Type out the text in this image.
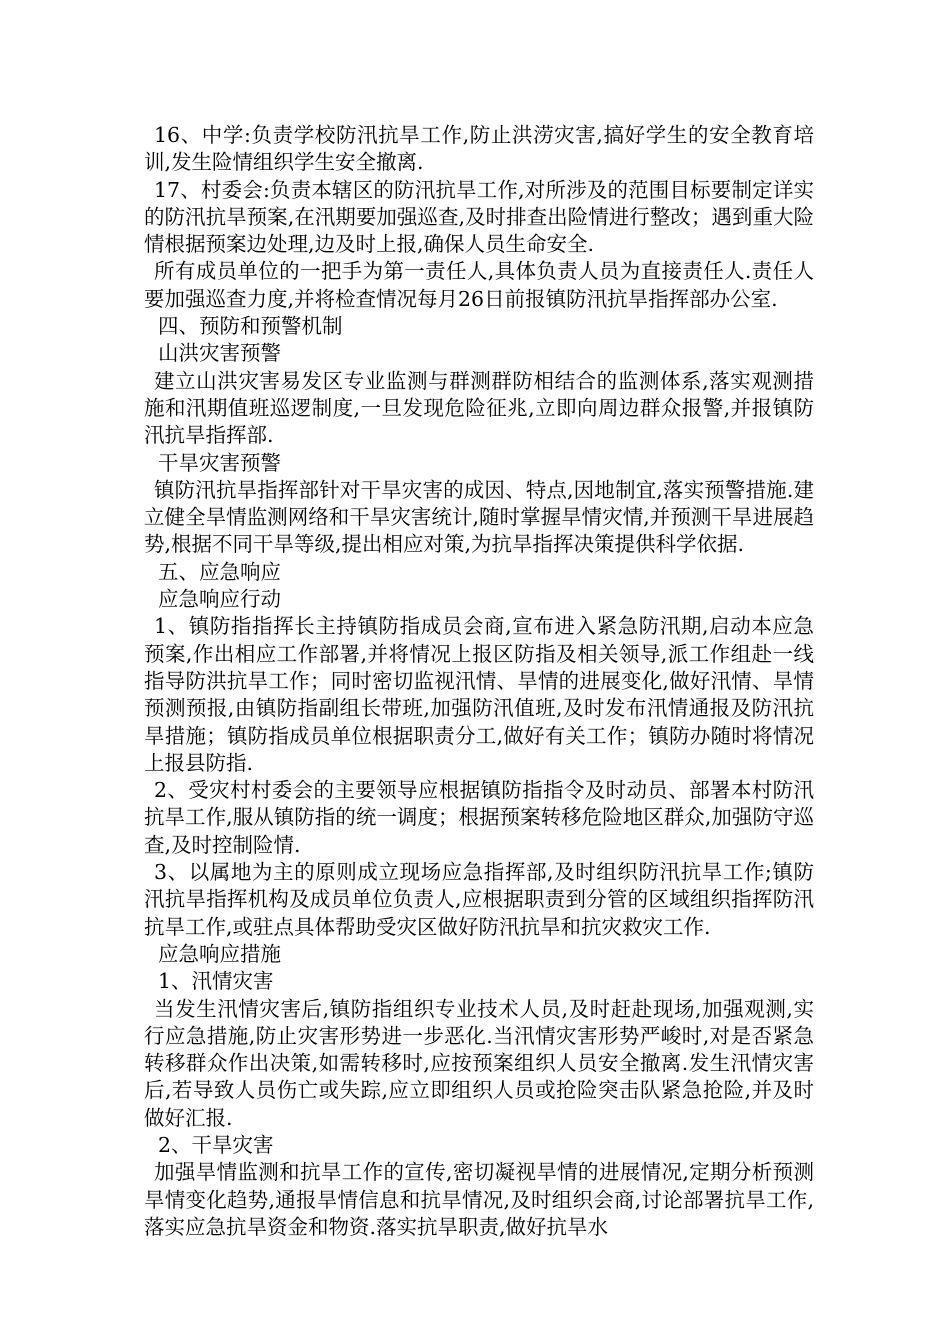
16、中学:负责学校防汛抗旱工作,防止洪涝灾害,搞好学生的安全教育培训,发生险情组织学生安全撤离.

17、村委会:负责本辖区的防汛抗旱工作,对所涉及的范围目标要制定详实的防汛抗旱预案,在汛期要加强巡查,及时排查出险情进行整改；遇到重大险情根据预案边处理,边及时上报,确保人员生命安全.

所有成员单位的一把手为第一责任人,具体负责人员为直接责任人.责任人要加强巡查力度,并将检查情况每月26日前报镇防汛抗旱指挥部办公室.

四、预防和预警机制

山洪灾害预警

建立山洪灾害易发区专业监测与群测群防相结合的监测体系,落实观测措施和汛期值班巡逻制度,一旦发现危险征兆,立即向周边群众报警,并报镇防汛抗旱指挥部.

干旱灾害预警

镇防汛抗旱指挥部针对干旱灾害的成因、特点,因地制宜,落实预警措施.建立健全旱情监测网络和干旱灾害统计,随时掌握旱情灾情,并预测干旱进展趋势,根据不同干旱等级,提出相应对策,为抗旱指挥决策提供科学依据.

五、应急响应

应急响应行动

1、镇防指指挥长主持镇防指成员会商,宣布进入紧急防汛期,启动本应急预案,作出相应工作部署,并将情况上报区防指及相关领导,派工作组赴一线指导防洪抗旱工作；同时密切监视汛情、旱情的进展变化,做好汛情、旱情预测预报,由镇防指副组长带班,加强防汛值班,及时发布汛情通报及防汛抗旱措施；镇防指成员单位根据职责分工,做好有关工作；镇防办随时将情况上报县防指.

2、受灾村村委会的主要领导应根据镇防指指令及时动员、部署本村防汛抗旱工作,服从镇防指的统一调度；根据预案转移危险地区群众,加强防守巡查,及时控制险情.

3、以属地为主的原则成立现场应急指挥部,及时组织防汛抗旱工作;镇防汛抗旱指挥机构及成员单位负责人,应根据职责到分管的区域组织指挥防汛抗旱工作,或驻点具体帮助受灾区做好防汛抗旱和抗灾救灾工作.

应急响应措施

1、汛情灾害

当发生汛情灾害后,镇防指组织专业技术人员,及时赶赴现场,加强观测,实行应急措施,防止灾害形势进一步恶化.当汛情灾害形势严峻时,对是否紧急转移群众作出决策,如需转移时,应按预案组织人员安全撤离.发生汛情灾害后,若导致人员伤亡或失踪,应立即组织人员或抢险突击队紧急抢险,并及时做好汇报.

2、干旱灾害

加强旱情监测和抗旱工作的宣传,密切凝视旱情的进展情况,定期分析预测旱情变化趋势,通报旱情信息和抗旱情况,及时组织会商,讨论部署抗旱工作,落实应急抗旱资金和物资.落实抗旱职责,做好抗旱水
